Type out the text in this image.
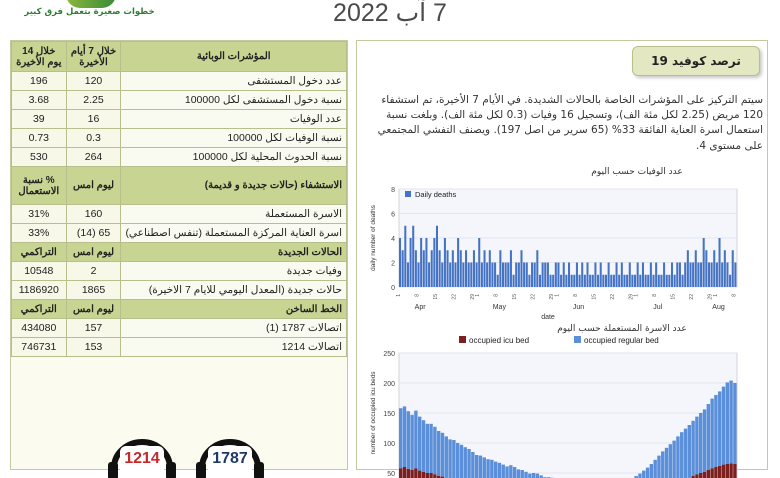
خطوات صغيرة بتعمل فرق كبير	7 آب 2022
المؤشرات الوبائية	خلال 7 أيام الأخيرة	خلال 14 يوم الأخيرة
عدد دخول المستشفى	120	196
نسبة دخول المستشفى لكل 100000	2.25	3.68
عدد الوفيات	16	39
نسبة الوفيات لكل 100000	0.3	0.73
نسبة الحدوث المحلية لكل 100000	264	530
الاستشفاء (حالات جديدة و قديمة)	ليوم امس	% نسبة الاستعمال
الاسرة المستعملة	160	31%
اسرة العناية المركزة المستعملة (تنفس اصطناعي)	65 (14)	33%
الحالات الجديدة	ليوم امس	التراكمي
وفيات جديدة	2	10548
حالات جديدة (المعدل اليومي للايام 7 الاخيرة)	1865	1186920
الخط الساخن	ليوم امس	التراكمي
اتصالات 1787 (1)	157	434080
اتصالات 1214	153	746731
1214	1787
ترصد كوفيد 19
سيتم التركيز على المؤشرات الخاصة بالحالات الشديدة. في الأيام 7 الأخيرة، تم استشفاء 120 مريض (2.25 لكل مئة الف)، وتسجيل 16 وفيات (0.3 لكل مئة الف). وبلغت نسبة استعمال اسرة العناية الفائقة 33% (65 سرير من اصل 197). ويصنف التفشي المجتمعي على مستوى 4.
عدد الوفيات حسب اليوم
0
2
4
6
8	Daily deaths
1 8 15 22 29 1 8 15 22 29 1 8 15 22 29 1 8 15 22 29 1 8
Apr	May	Jun	Jul	Aug
date
daily number of deaths
عدد الاسرة المستعملة حسب اليوم
50
100
150
200
250
occupied icu bed	occupied regular bed
number of occupied icu beds
